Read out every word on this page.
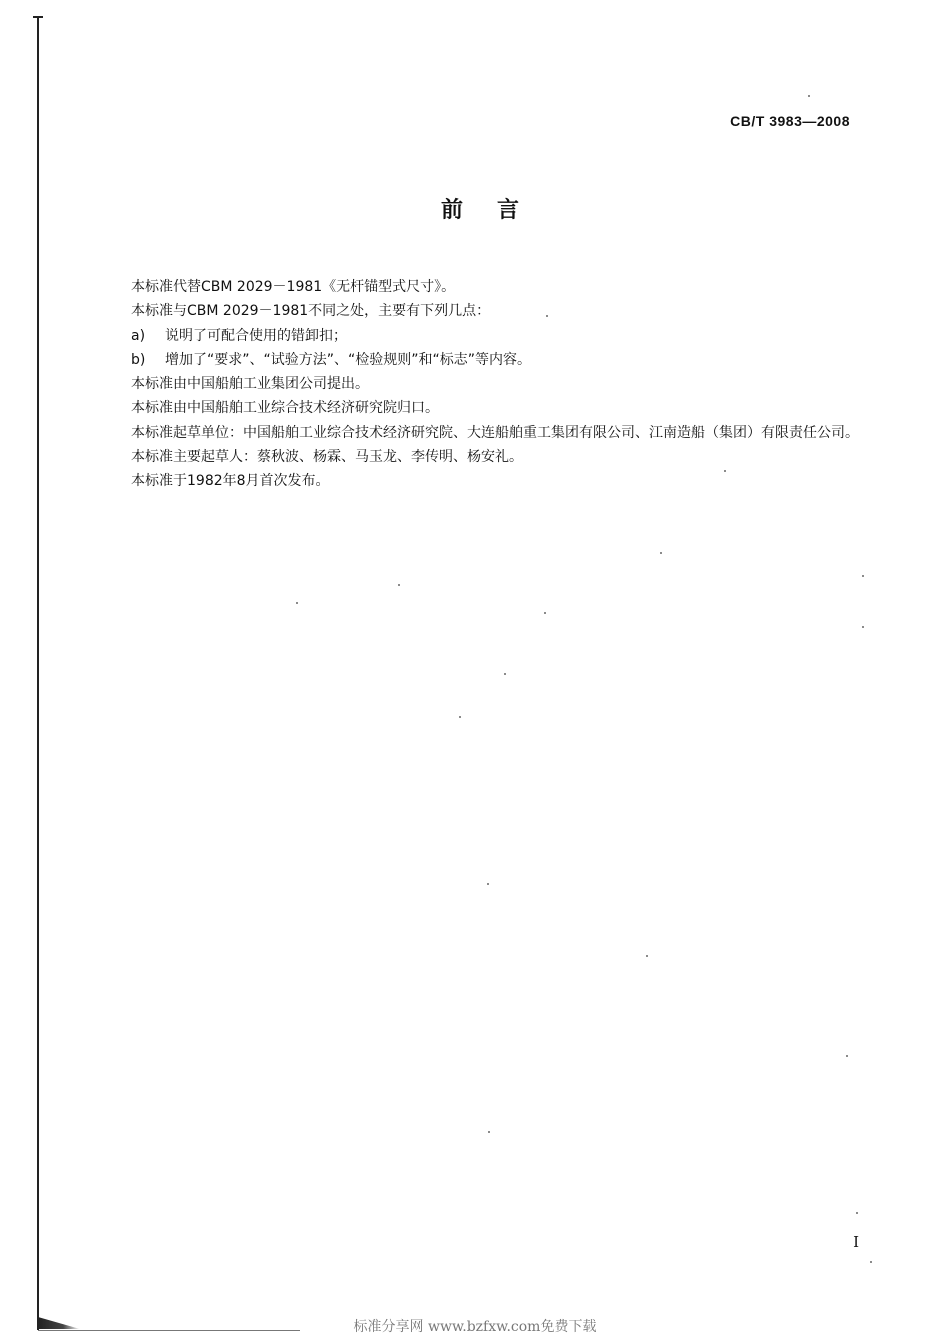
CB/T 3983—2008
前言

本标准代替CBM 2029－1981《无杆锚型式尺寸》。

本标准与CBM 2029－1981不同之处，主要有下列几点：

a)	说明了可配合使用的错卸扣；

b)	增加了“要求”、“试验方法”、“检验规则”和“标志”等内容。

本标准由中国船舶工业集团公司提出。

本标准由中国船舶工业综合技术经济研究院归口。

本标准起草单位：中国船舶工业综合技术经济研究院、大连船舶重工集团有限公司、江南造船（集团）有限责任公司。

本标准主要起草人：蔡秋波、杨霖、马玉龙、李传明、杨安礼。

本标准于1982年8月首次发布。

I
标准分享网 www.bzfxw.com免费下载
